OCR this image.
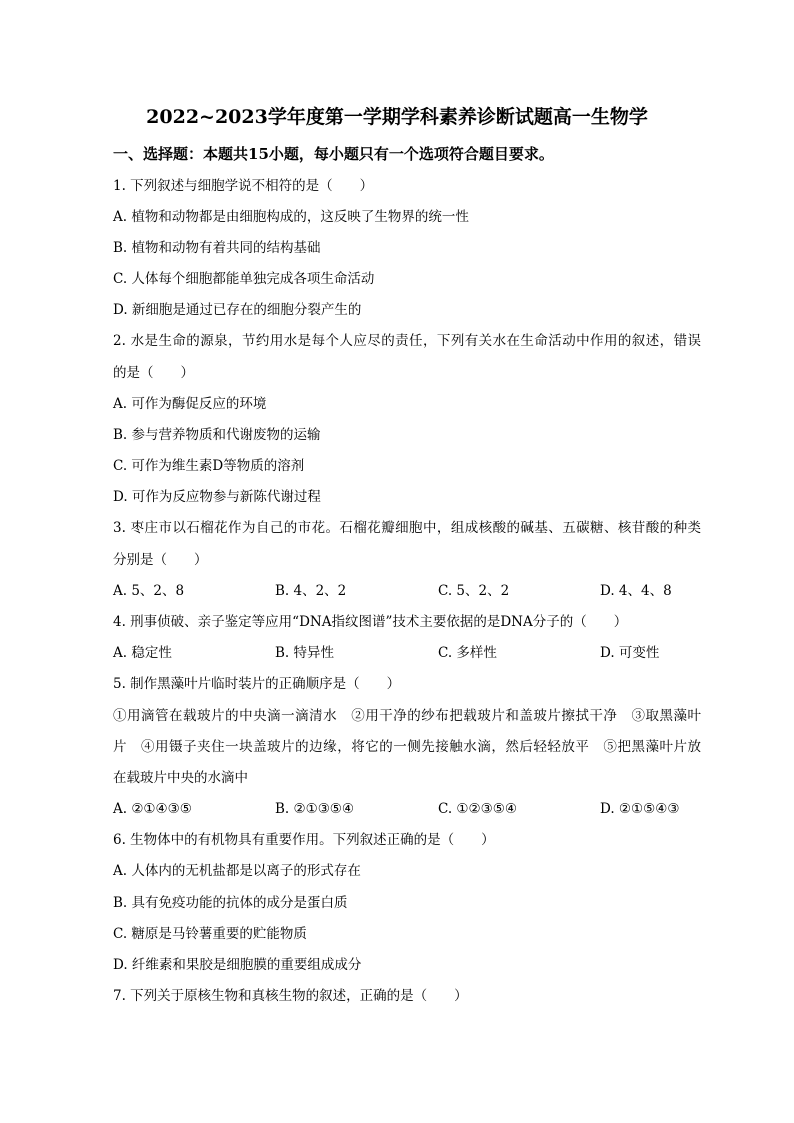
2022~2023学年度第一学期学科素养诊断试题高一生物学
一、选择题：本题共15小题，每小题只有一个选项符合题目要求。
1. 下列叙述与细胞学说不相符的是（　　）
A. 植物和动物都是由细胞构成的，这反映了生物界的统一性
B. 植物和动物有着共同的结构基础
C. 人体每个细胞都能单独完成各项生命活动
D. 新细胞是通过已存在的细胞分裂产生的
2. 水是生命的源泉，节约用水是每个人应尽的责任，下列有关水在生命活动中作用的叙述，错误
的是（　　）
A. 可作为酶促反应的环境
B. 参与营养物质和代谢废物的运输
C. 可作为维生素D等物质的溶剂
D. 可作为反应物参与新陈代谢过程
3. 枣庄市以石榴花作为自己的市花。石榴花瓣细胞中，组成核酸的碱基、五碳糖、核苷酸的种类
分别是（　　）
A. 5、2、8	B. 4、2、2	C. 5、2、2	D. 4、4、8
4. 刑事侦破、亲子鉴定等应用“DNA指纹图谱”技术主要依据的是DNA分子的（　　）
A. 稳定性	B. 特异性	C. 多样性	D. 可变性
5. 制作黑藻叶片临时装片的正确顺序是（　　）
①用滴管在载玻片的中央滴一滴清水　②用干净的纱布把载玻片和盖玻片擦拭干净　③取黑藻叶
片　④用镊子夹住一块盖玻片的边缘，将它的一侧先接触水滴，然后轻轻放平　⑤把黑藻叶片放
在载玻片中央的水滴中
A. ②①④③⑤	B. ②①③⑤④	C. ①②③⑤④	D. ②①⑤④③
6. 生物体中的有机物具有重要作用。下列叙述正确的是（　　）
A. 人体内的无机盐都是以离子的形式存在
B. 具有免疫功能的抗体的成分是蛋白质
C. 糖原是马铃薯重要的贮能物质
D. 纤维素和果胶是细胞膜的重要组成成分
7. 下列关于原核生物和真核生物的叙述，正确的是（　　）
